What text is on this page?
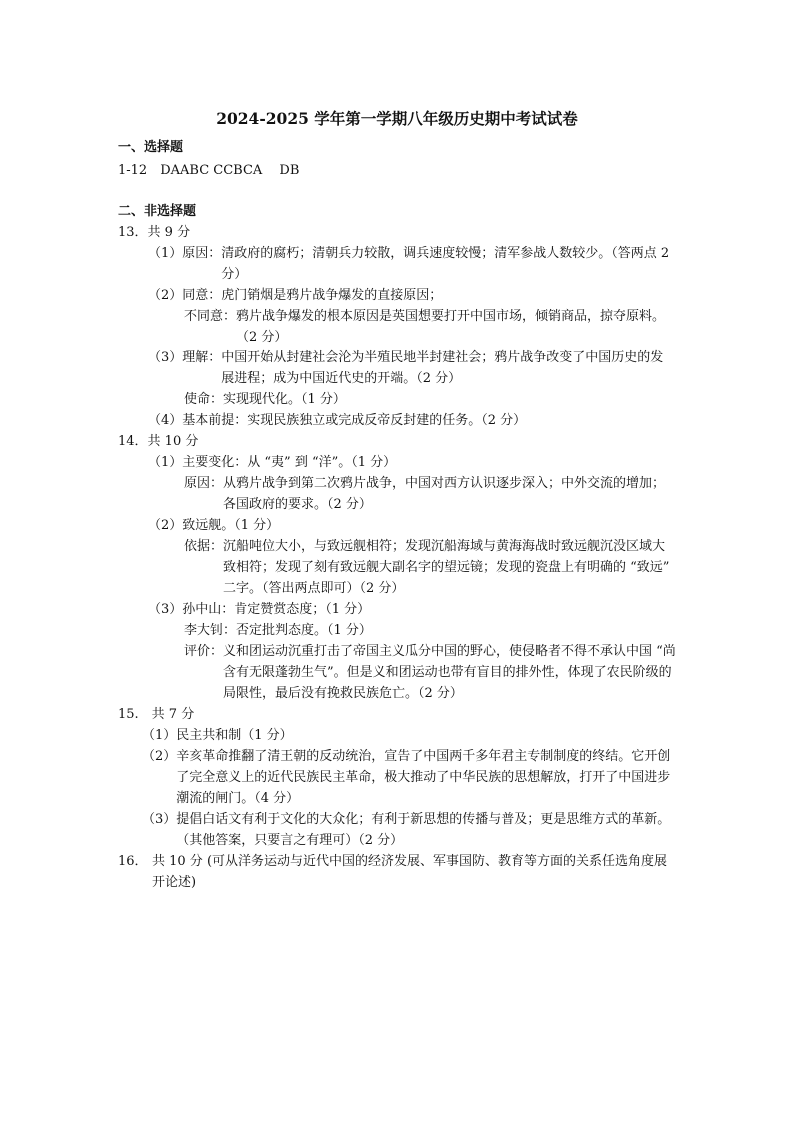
2024-2025 学年第一学期八年级历史期中考试试卷
一、选择题
1-12　DAABC CCBCA　 DB
二、非选择题
13．共 9 分
（1）原因： 清政府的腐朽；清朝兵力较散，调兵速度较慢；清军参战人数较少。（答两点 2 分）
（2）同意： 虎门销烟是鸦片战争爆发的直接原因；
不同意： 鸦片战争爆发的根本原因是英国想要打开中国市场，倾销商品，掠夺原料。（2 分）
（3）理解： 中国开始从封建社会沦为半殖民地半封建社会；鸦片战争改变了中国历史的发展进程；成为中国近代史的开端。（2 分）
使命：实现现代化。（1 分）
（4）基本前提：实现民族独立或完成反帝反封建的任务。（2 分）
14．共 10 分
（1）主要变化：从 “夷” 到 “洋”。（1 分）
原因： 从鸦片战争到第二次鸦片战争，中国对西方认识逐步深入；中外交流的增加；各国政府的要求。（2 分）
（2）致远舰。（1 分）
依据： 沉船吨位大小，与致远舰相符；发现沉船海域与黄海海战时致远舰沉没区域大致相符；发现了刻有致远舰大副名字的望远镜；发现的瓷盘上有明确的 “致远” 二字。（答出两点即可）（2 分）
（3）孙中山：肯定赞赏态度；（1 分）
李大钊：否定批判态度。（1 分）
评价： 义和团运动沉重打击了帝国主义瓜分中国的野心，使侵略者不得不承认中国 “尚含有无限蓬勃生气”。但是义和团运动也带有盲目的排外性，体现了农民阶级的局限性，最后没有挽救民族危亡。（2 分）
15.　共 7 分
（1）民主共和制（1 分）
（2） 辛亥革命推翻了清王朝的反动统治，宣告了中国两千多年君主专制制度的终结。它开创了完全意义上的近代民族民主革命，极大推动了中华民族的思想解放，打开了中国进步潮流的闸门。（4 分）
（3） 提倡白话文有利于文化的大众化；有利于新思想的传播与普及；更是思维方式的革新。（其他答案，只要言之有理可）（2 分）
16． 共 10 分 (可从洋务运动与近代中国的经济发展、军事国防、教育等方面的关系任选角度展开论述)
